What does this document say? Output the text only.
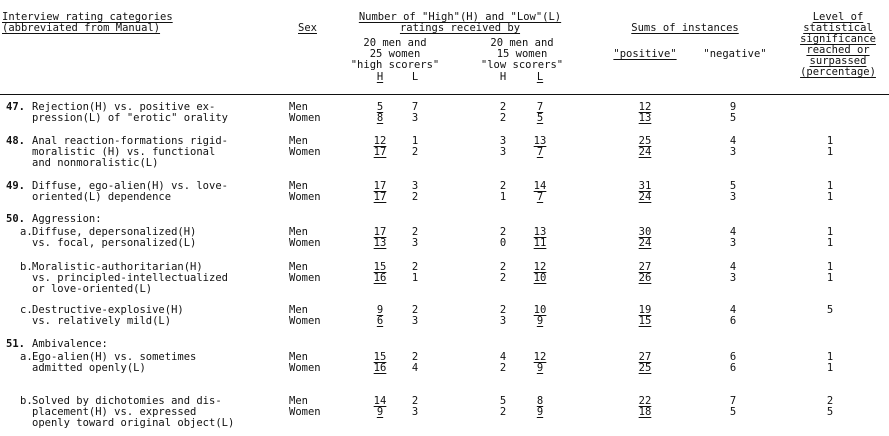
Interview rating categories
(abbreviated from Manual)	Sex
Number of "High"(H) and "Low"(L)
ratings received by
20 men and
25 women
"high scorers"
20 men and
15 women
"low scorers"
H	L	H	L
Sums of instances
"positive"	"negative"
Level of
statistical
significance
reached or
surpassed
(percentage)
47. Rejection(H) vs. positive ex-
pression(L) of "erotic" orality
Men	5	7	2	7	12	9
Women	8	3	2	5	13	5
48. Anal reaction-formations rigid-
moralistic (H) vs. functional
and nonmoralistic(L)
Men	12	1	3	13	25	4	1
Women	17	2	3	7	24	3	1
49. Diffuse, ego-alien(H) vs. love-
oriented(L) dependence
Men	17	3	2	14	31	5	1
Women	17	2	1	7	24	3	1
50. Aggression:
a. Diffuse, depersonalized(H)
vs. focal, personalized(L)
Men	17	2	2	13	30	4	1
Women	13	3	0	11	24	3	1
b. Moralistic-authoritarian(H)
vs. principled-intellectualized
or love-oriented(L)
Men	15	2	2	12	27	4	1
Women	16	1	2	10	26	3	1
c. Destructive-explosive(H)
vs. relatively mild(L)
Men	9	2	2	10	19	4	5
Women	6	3	3	9	15	6
51. Ambivalence:
a. Ego-alien(H) vs. sometimes
admitted openly(L)
Men	15	2	4	12	27	6	1
Women	16	4	2	9	25	6	1
b. Solved by dichotomies and dis-
placement(H) vs. expressed
openly toward original object(L)
Men	14	2	5	8	22	7	2
Women	9	3	2	9	18	5	5
